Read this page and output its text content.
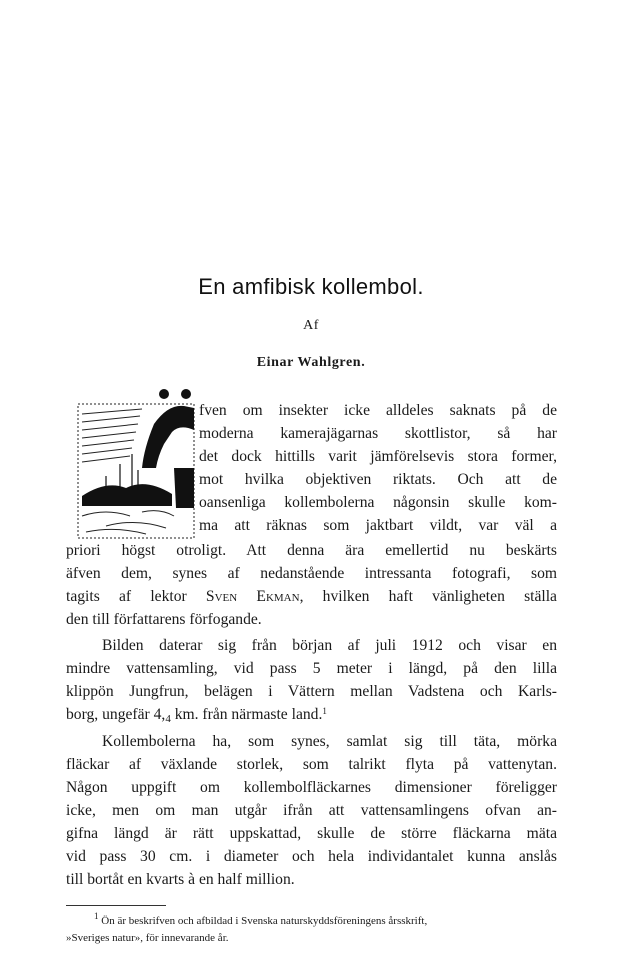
En amfibisk kollembol.
Af
Einar Wahlgren.
fven om insekter icke alldeles saknats på de
moderna kamerajägarnas skottlistor, så har
det dock hittills varit jämförelsevis stora former,
mot hvilka objektiven riktats. Och att de
oansenliga kollembolerna någonsin skulle kom-
ma att räknas som jaktbart vildt, var väl a
priori högst otroligt. Att denna ära emellertid nu beskärts
äfven dem, synes af nedanstående intressanta fotografi, som
tagits af lektor Sven Ekman, hvilken haft vänligheten ställa
den till författarens förfogande.
Bilden daterar sig från början af juli 1912 och visar en
mindre vattensamling, vid pass 5 meter i längd, på den lilla
klippön Jungfrun, belägen i Vättern mellan Vadstena och Karls-
borg, ungefär 4,4 km. från närmaste land.$^1$
Kollembolerna ha, som synes, samlat sig till täta, mörka
fläckar af växlande storlek, som talrikt flyta på vattenytan.
Någon uppgift om kollembolfläckarnes dimensioner föreligger
icke, men om man utgår ifrån att vattensamlingens ofvan an-
gifna längd är rätt uppskattad, skulle de större fläckarna mäta
vid pass 30 cm. i diameter och hela individantalet kunna anslås
till bortåt en kvarts à en half million.
$^1$ Ön är beskrifven och afbildad i Svenska naturskyddsföreningens årsskrift,
»Sveriges natur», för innevarande år.
